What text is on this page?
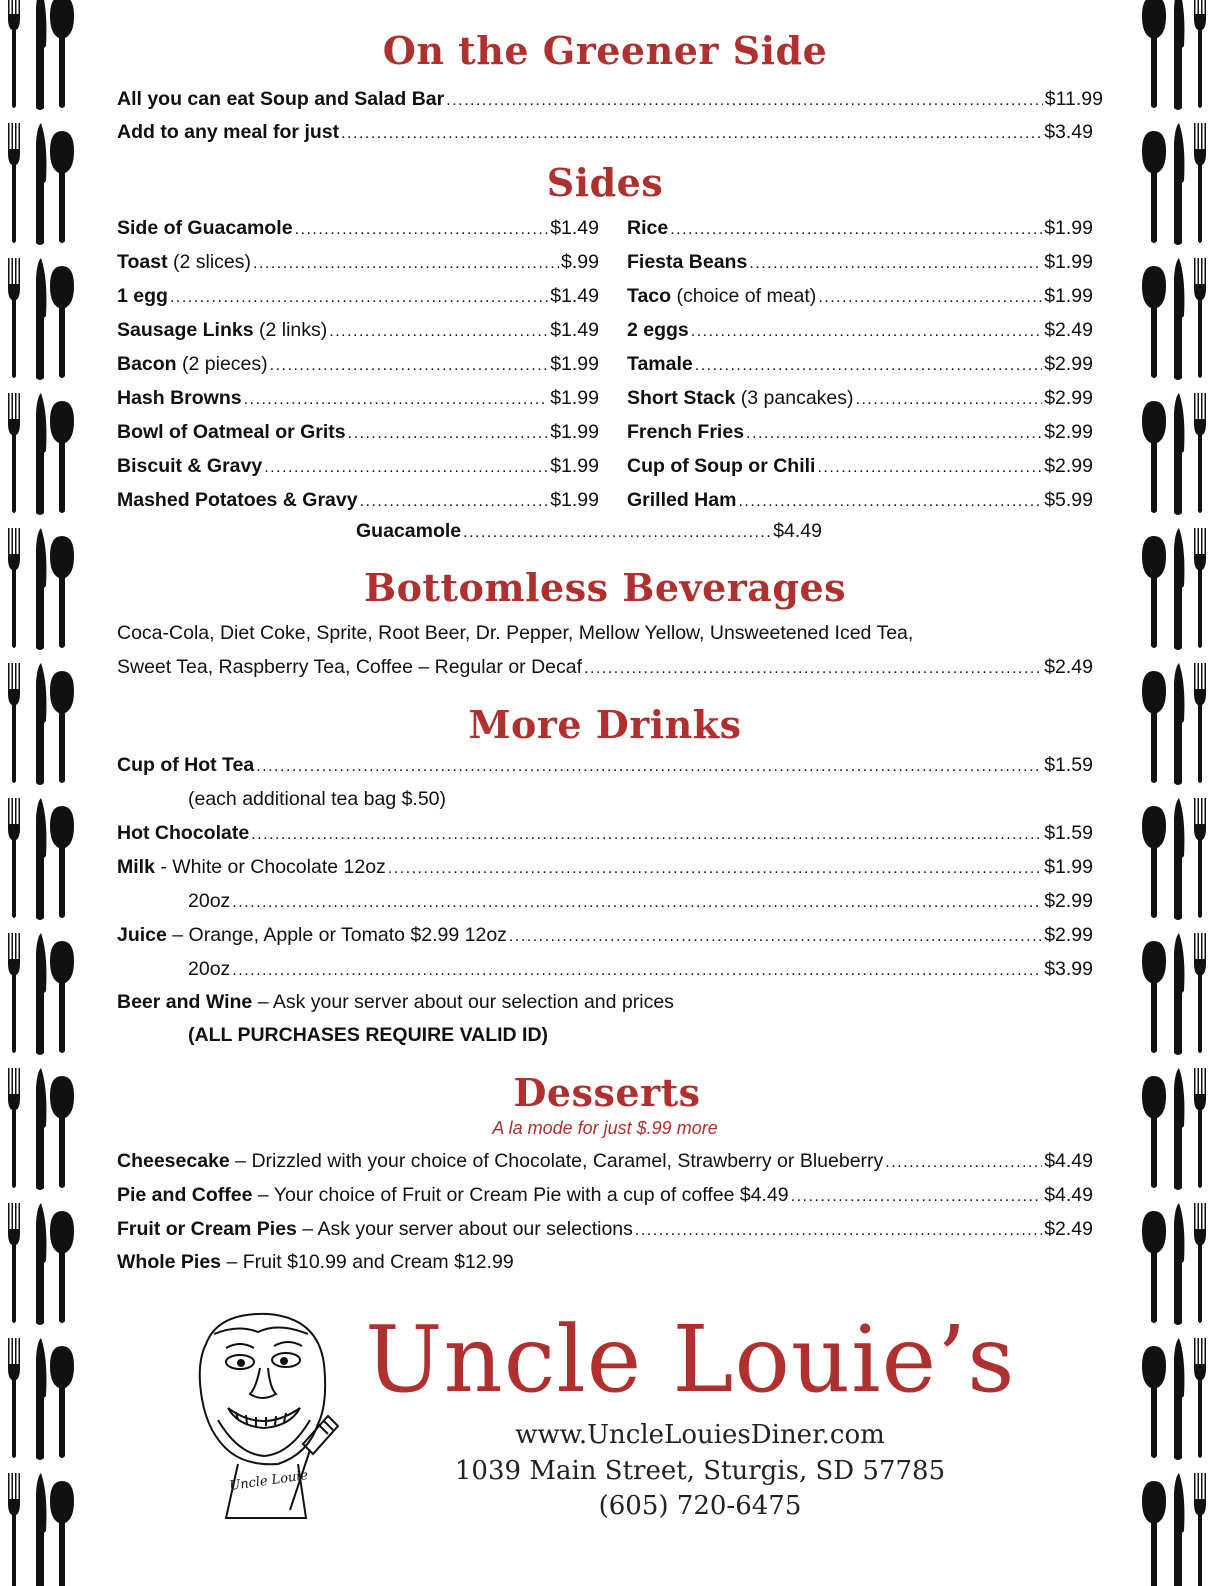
On the Greener Side
All you can eat Soup and Salad Bar .....	$11.99
Add to any meal for just .....	$3.49
Sides
Side of Guacamole .....	$1.49
Toast (2 slices) .....	$.99
1 egg .....	$1.49
Sausage Links (2 links) .....	$1.49
Bacon (2 pieces) .....	$1.99
Hash Browns .....	$1.99
Bowl of Oatmeal or Grits .....	$1.99
Biscuit & Gravy .....	$1.99
Mashed Potatoes & Gravy .....	$1.99
Rice .....	$1.99
Fiesta Beans .....	$1.99
Taco (choice of meat) .....	$1.99
2 eggs .....	$2.49
Tamale .....	$2.99
Short Stack (3 pancakes) .....	$2.99
French Fries .....	$2.99
Cup of Soup or Chili .....	$2.99
Grilled Ham .....	$5.99
Guacamole .....	$4.49
Bottomless Beverages
Coca-Cola, Diet Coke, Sprite, Root Beer, Dr. Pepper, Mellow Yellow, Unsweetened Iced Tea,
Sweet Tea, Raspberry Tea, Coffee – Regular or Decaf .....	$2.49
More Drinks
Cup of Hot Tea .....	$1.59
(each additional tea bag $.50)
Hot Chocolate .....	$1.59
Milk - White or Chocolate 12oz .....	$1.99
20oz .....	$2.99
Juice – Orange, Apple or Tomato $2.99 12oz .....	$2.99
20oz .....	$3.99
Beer and Wine – Ask your server about our selection and prices
(ALL PURCHASES REQUIRE VALID ID)
Desserts
A la mode for just $.99 more
Cheesecake – Drizzled with your choice of Chocolate, Caramel, Strawberry or Blueberry .....	$4.49
Pie and Coffee – Your choice of Fruit or Cream Pie with a cup of coffee $4.49 .....	$4.49
Fruit or Cream Pies – Ask your server about our selections .....	$2.49
Whole Pies – Fruit $10.99 and Cream $12.99
Uncle Louie
Uncle Louie’s
www.UncleLouiesDiner.com
1039 Main Street, Sturgis, SD 57785
(605) 720-6475
